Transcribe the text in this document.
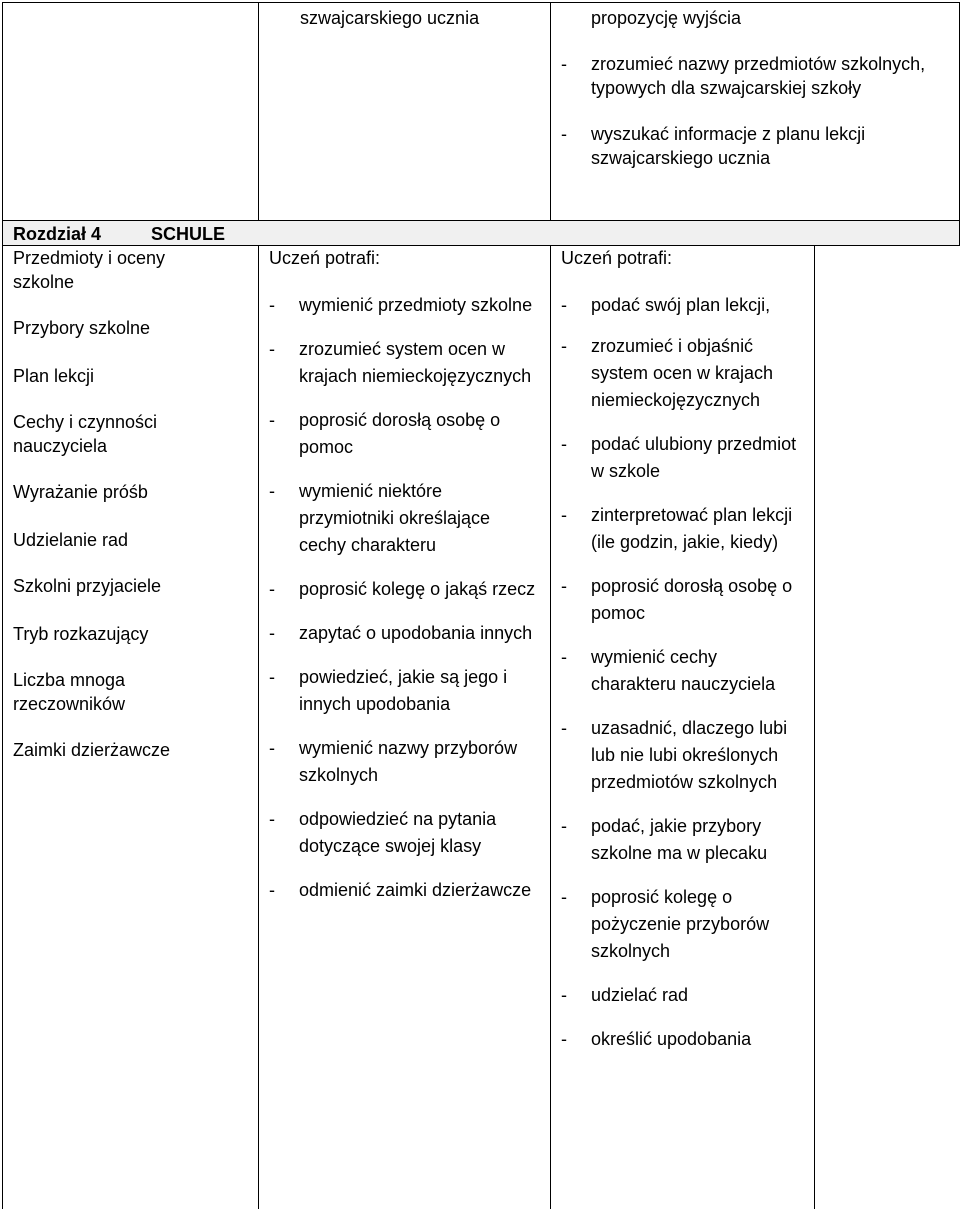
szwajcarskiego ucznia	propozycję wyjścia
- zrozumieć nazwy przedmiotów szkolnych, typowych dla szwajcarskiej szkoły
- wyszukać informacje z planu lekcji szwajcarskiego ucznia
Rozdział 4	SCHULE
Przedmioty i oceny szkolne
Przybory szkolne
Plan lekcji
Cechy i czynności nauczyciela
Wyrażanie próśb
Udzielanie rad
Szkolni przyjaciele
Tryb rozkazujący
Liczba mnoga rzeczowników
Zaimki dzierżawcze
Uczeń potrafi:
- wymienić przedmioty szkolne
- zrozumieć system ocen w krajach niemieckojęzycznych
- poprosić dorosłą osobę o pomoc
- wymienić niektóre przymiotniki określające cechy charakteru
- poprosić kolegę o jakąś rzecz
- zapytać o upodobania innych
- powiedzieć, jakie są jego i innych upodobania
- wymienić nazwy przyborów szkolnych
- odpowiedzieć na pytania dotyczące swojej klasy
- odmienić zaimki dzierżawcze
Uczeń potrafi:
- podać swój plan lekcji,
- zrozumieć i objaśnić system ocen w krajach niemieckojęzycznych
- podać ulubiony przedmiot w szkole
- zinterpretować plan lekcji (ile godzin, jakie, kiedy)
- poprosić dorosłą osobę o pomoc
- wymienić cechy charakteru nauczyciela
- uzasadnić, dlaczego lubi lub nie lubi określonych przedmiotów szkolnych
- podać, jakie przybory szkolne ma w plecaku
- poprosić kolegę o pożyczenie przyborów szkolnych
- udzielać rad
- określić upodobania
